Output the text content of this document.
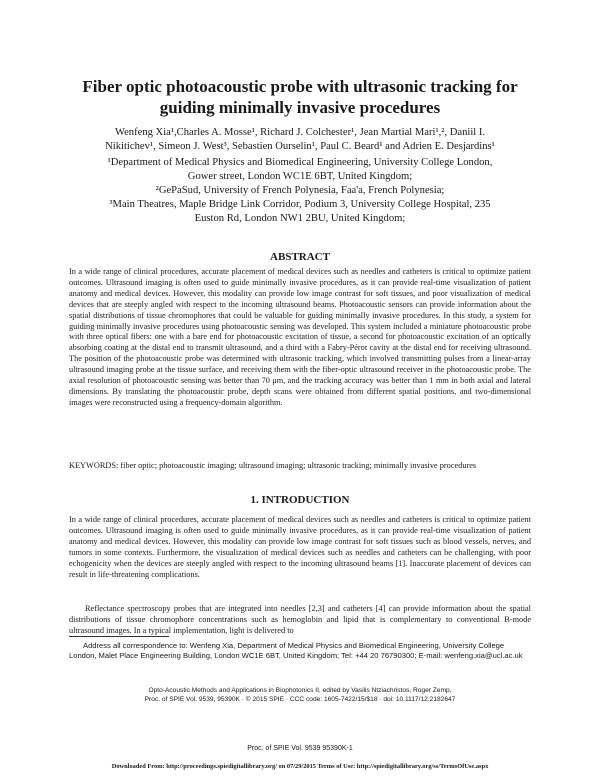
Fiber optic photoacoustic probe with ultrasonic tracking for
guiding minimally invasive procedures
Wenfeng Xia¹,Charles A. Mosse¹, Richard J. Colchester¹, Jean Martial Mari¹,², Daniil I.
Nikitichev¹, Simeon J. West³, Sebastien Ourselin¹, Paul C. Beard¹ and Adrien E. Desjardins¹
¹Department of Medical Physics and Biomedical Engineering, University College London,
Gower street, London WC1E 6BT, United Kingdom;
²GePaSud, University of French Polynesia, Faa'a, French Polynesia;
³Main Theatres, Maple Bridge Link Corridor, Podium 3, University College Hospital, 235
Euston Rd, London NW1 2BU, United Kingdom;
ABSTRACT
In a wide range of clinical procedures, accurate placement of medical devices such as needles and catheters is critical to optimize patient outcomes. Ultrasound imaging is often used to guide minimally invasive procedures, as it can provide real-time visualization of patient anatomy and medical devices. However, this modality can provide low image contrast for soft tissues, and poor visualization of medical devices that are steeply angled with respect to the incoming ultrasound beams. Photoacoustic sensors can provide information about the spatial distributions of tissue chromophores that could be valuable for guiding minimally invasive procedures. In this study, a system for guiding minimally invasive procedures using photoacoustic sensing was developed. This system included a miniature photoacoustic probe with three optical fibers: one with a bare end for photoacoustic excitation of tissue, a second for photoacoustic excitation of an optically absorbing coating at the distal end to transmit ultrasound, and a third with a Fabry-Pérot cavity at the distal end for receiving ultrasound. The position of the photoacoustic probe was determined with ultrasonic tracking, which involved transmitting pulses from a linear-array ultrasound imaging probe at the tissue surface, and receiving them with the fiber-optic ultrasound receiver in the photoacoustic probe. The axial resolution of photoacoustic sensing was better than 70 μm, and the tracking accuracy was better than 1 mm in both axial and lateral dimensions. By translating the photoacoustic probe, depth scans were obtained from different spatial positions, and two-dimensional images were reconstructed using a frequency-domain algorithm.
KEYWORDS: fiber optic; photoacoustic imaging; ultrasound imaging; ultrasonic tracking; minimally invasive procedures
1. INTRODUCTION
In a wide range of clinical procedures, accurate placement of medical devices such as needles and catheters is critical to optimize patient outcomes. Ultrasound imaging is often used to guide minimally invasive procedures, as it can provide real-time visualization of patient anatomy and medical devices. However, this modality can provide low image contrast for soft tissues such as blood vessels, nerves, and tumors in some contexts. Furthermore, the visualization of medical devices such as needles and catheters can be challenging, with poor echogenicity when the devices are steeply angled with respect to the incoming ultrasound beams [1]. Inaccurate placement of devices can result in life-threatening complications.
Reflectance spectroscopy probes that are integrated into needles [2,3] and catheters [4] can provide information about the spatial distributions of tissue chromophore concentrations such as hemoglobin and lipid that is complementary to conventional B-mode ultrasound images. In a typical implementation, light is delivered to
Address all correspondence to: Wenfeng Xia, Department of Medical Physics and Biomedical Engineering, University College London, Malet Place Engineering Building, London WC1E 6BT, United Kingdom; Tel: +44 20 76790300; E-mail: wenfeng.xia@ucl.ac.uk
Opto-Acoustic Methods and Applications in Biophotonics II, edited by Vasilis Ntziachristos, Roger Zemp,
Proc. of SPIE Vol. 9539, 95390K · © 2015 SPIE · CCC code: 1605-7422/15/$18 · doi: 10.1117/12.2182647
Proc. of SPIE Vol. 9539 95390K-1
Downloaded From: http://proceedings.spiedigitallibrary.org/ on 07/29/2015 Terms of Use: http://spiedigitallibrary.org/ss/TermsOfUse.aspx
